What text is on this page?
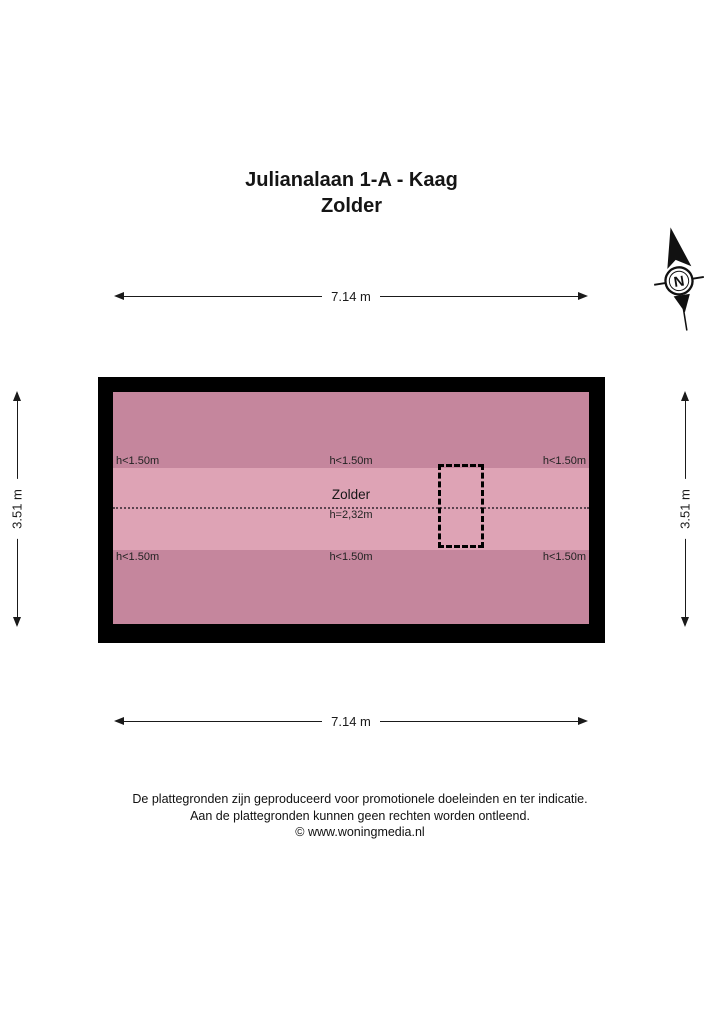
Julianalaan 1-A - Kaag
Zolder
N
7.14 m
7.14 m
3.51 m	3.51 m
h<1.50m	h<1.50m	h<1.50m
Zolder
h=2,32m
h<1.50m	h<1.50m	h<1.50m
De plattegronden zijn geproduceerd voor promotionele doeleinden en ter indicatie.
Aan de plattegronden kunnen geen rechten worden ontleend.
© www.woningmedia.nl
